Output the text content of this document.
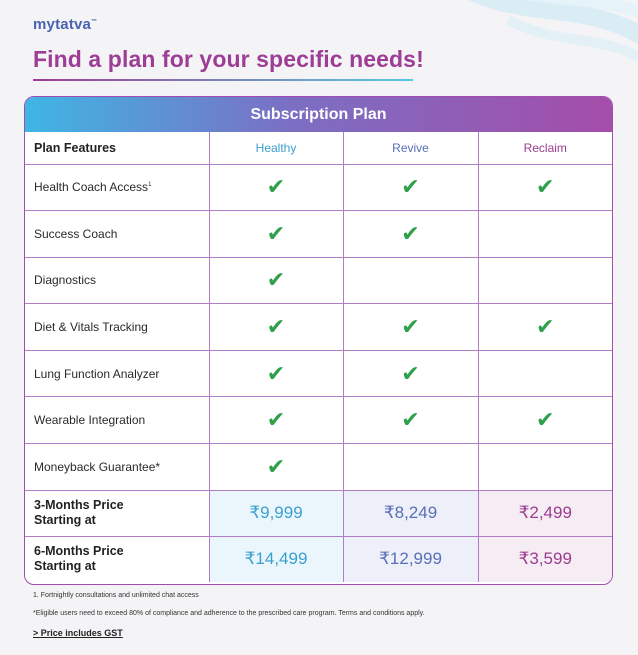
mytatva™
Find a plan for your specific needs!
Subscription Plan
Plan Features	Healthy	Revive	Reclaim
Health Coach Access$^1$	✔	✔	✔
Success Coach	✔	✔	
Diagnostics	✔		
Diet & Vitals Tracking	✔	✔	✔
Lung Function Analyzer	✔	✔	
Wearable Integration	✔	✔	✔
Moneyback Guarantee*	✔		

3-Months Price
Starting at	₹9,999	₹8,249	₹2,499

6-Months Price
Starting at	₹14,499	₹12,999	₹3,599
1. Fortnightly consultations and unlimited chat access
*Eligible users need to exceed 80% of compliance and adherence to the prescribed care program. Terms and conditions apply.
> Price includes GST
